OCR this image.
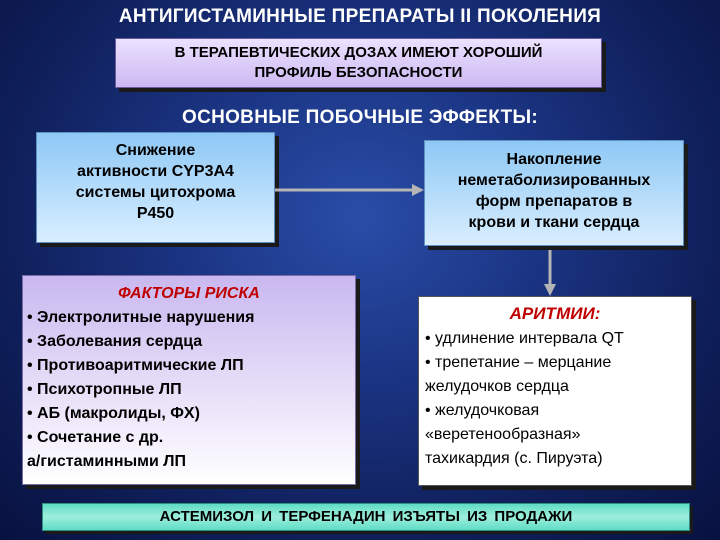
АНТИГИСТАМИННЫЕ ПРЕПАРАТЫ II ПОКОЛЕНИЯ
В ТЕРАПЕВТИЧЕСКИХ ДОЗАХ ИМЕЮТ ХОРОШИЙ
ПРОФИЛЬ БЕЗОПАСНОСТИ
ОСНОВНЫЕ ПОБОЧНЫЕ ЭФФЕКТЫ:
Снижение
активности CYP3A4
системы цитохрома
Р450
Накопление
неметаболизированных
форм препаратов в
крови и ткани сердца
ФАКТОРЫ РИСКА
• Электролитные нарушения
• Заболевания сердца
• Противоаритмические ЛП
• Психотропные ЛП
• АБ (макролиды, ФХ)
• Сочетание с др.
а/гистаминными ЛП
АРИТМИИ:
• удлинение интервала QT
• трепетание – мерцание
желудочков сердца
• желудочковая
«веретенообразная»
тахикардия (с. Пируэта)
АСТЕМИЗОЛ И ТЕРФЕНАДИН ИЗЪЯТЫ ИЗ ПРОДАЖИ
